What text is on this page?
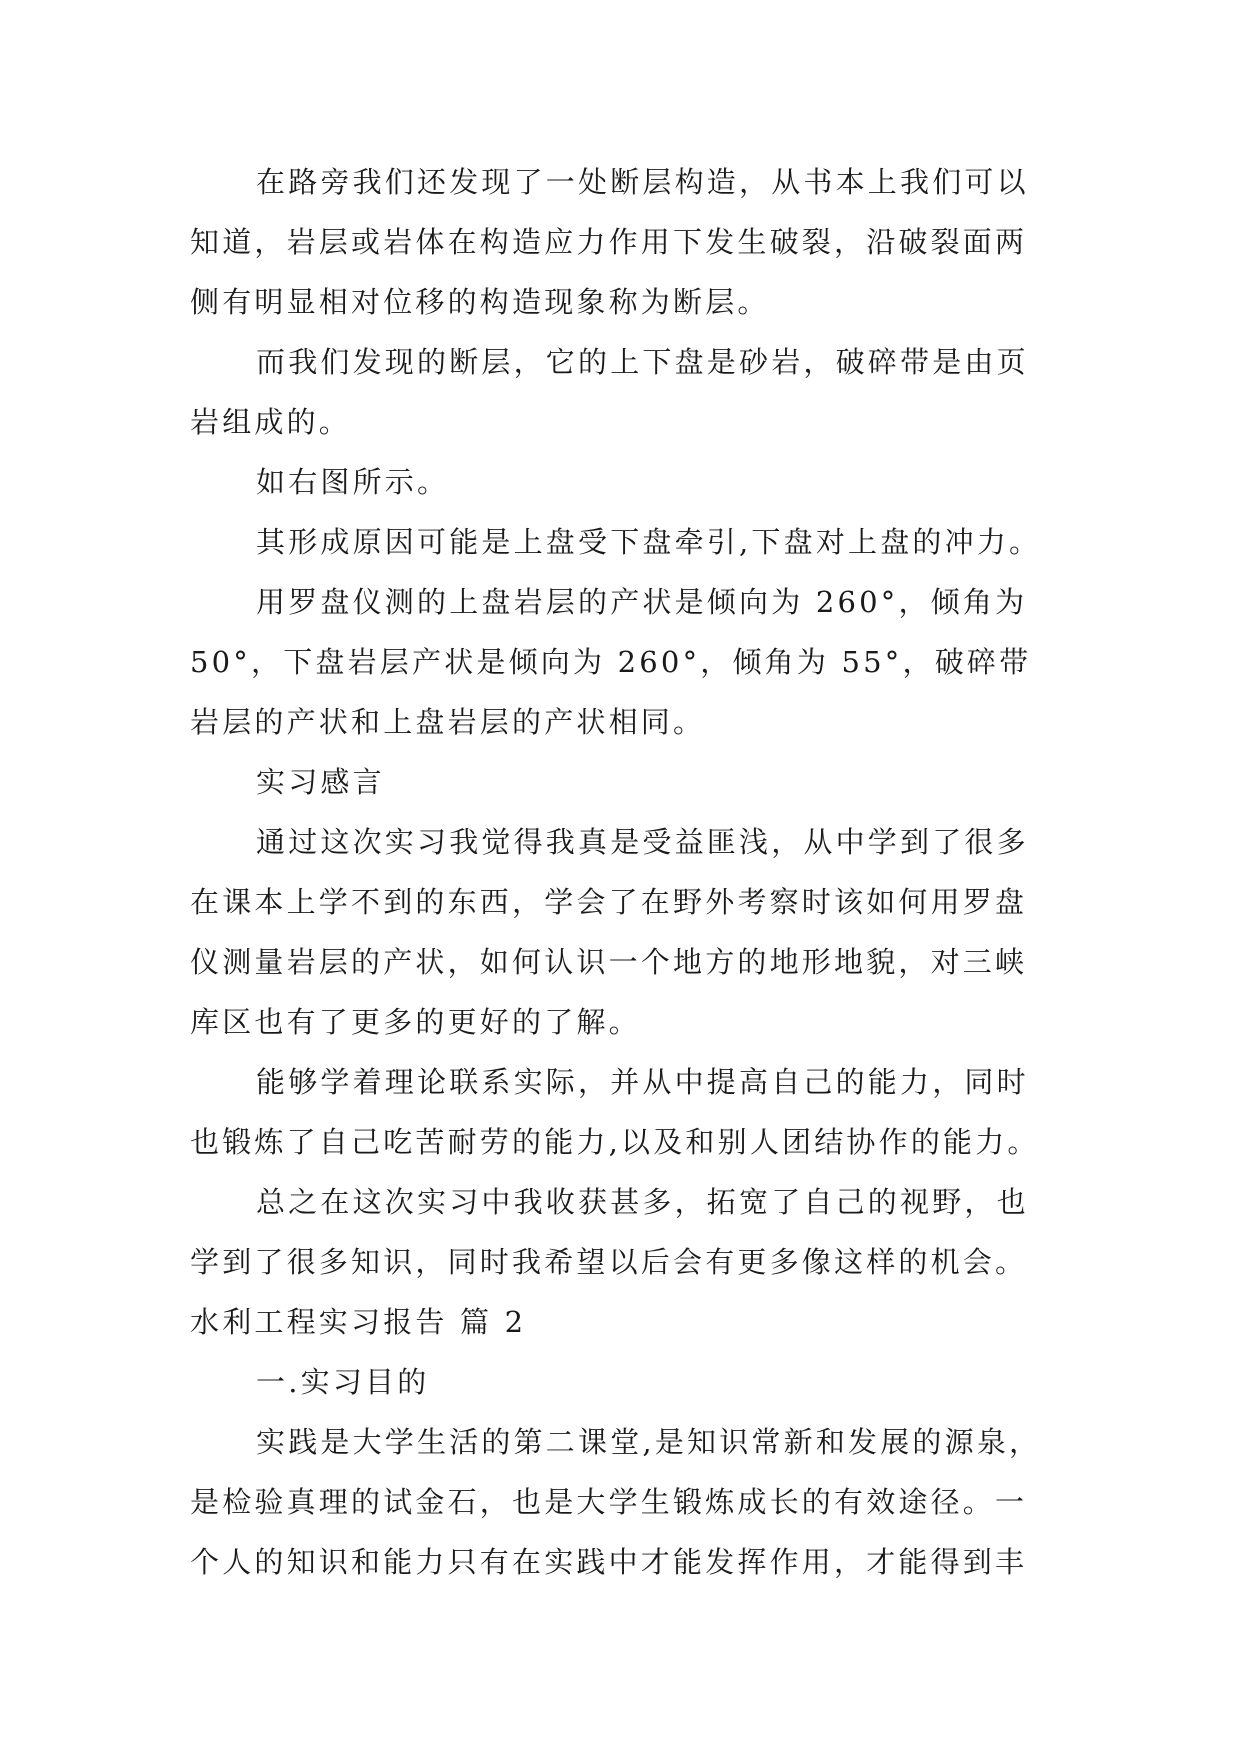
在路旁我们还发现了一处断层构造，从书本上我们可以
知道，岩层或岩体在构造应力作用下发生破裂，沿破裂面两
侧有明显相对位移的构造现象称为断层。
而我们发现的断层，它的上下盘是砂岩，破碎带是由页
岩组成的。
如右图所示。
其形成原因可能是上盘受下盘牵引,下盘对上盘的冲力。
用罗盘仪测的上盘岩层的产状是倾向为 260°，倾角为
50°，下盘岩层产状是倾向为 260°，倾角为 55°，破碎带
岩层的产状和上盘岩层的产状相同。
实习感言
通过这次实习我觉得我真是受益匪浅，从中学到了很多
在课本上学不到的东西，学会了在野外考察时该如何用罗盘
仪测量岩层的产状，如何认识一个地方的地形地貌，对三峡
库区也有了更多的更好的了解。
能够学着理论联系实际，并从中提高自己的能力，同时
也锻炼了自己吃苦耐劳的能力,以及和别人团结协作的能力。
总之在这次实习中我收获甚多，拓宽了自己的视野，也
学到了很多知识，同时我希望以后会有更多像这样的机会。
水利工程实习报告 篇 2
一.实习目的
实践是大学生活的第二课堂,是知识常新和发展的源泉，
是检验真理的试金石，也是大学生锻炼成长的有效途径。一
个人的知识和能力只有在实践中才能发挥作用，才能得到丰
